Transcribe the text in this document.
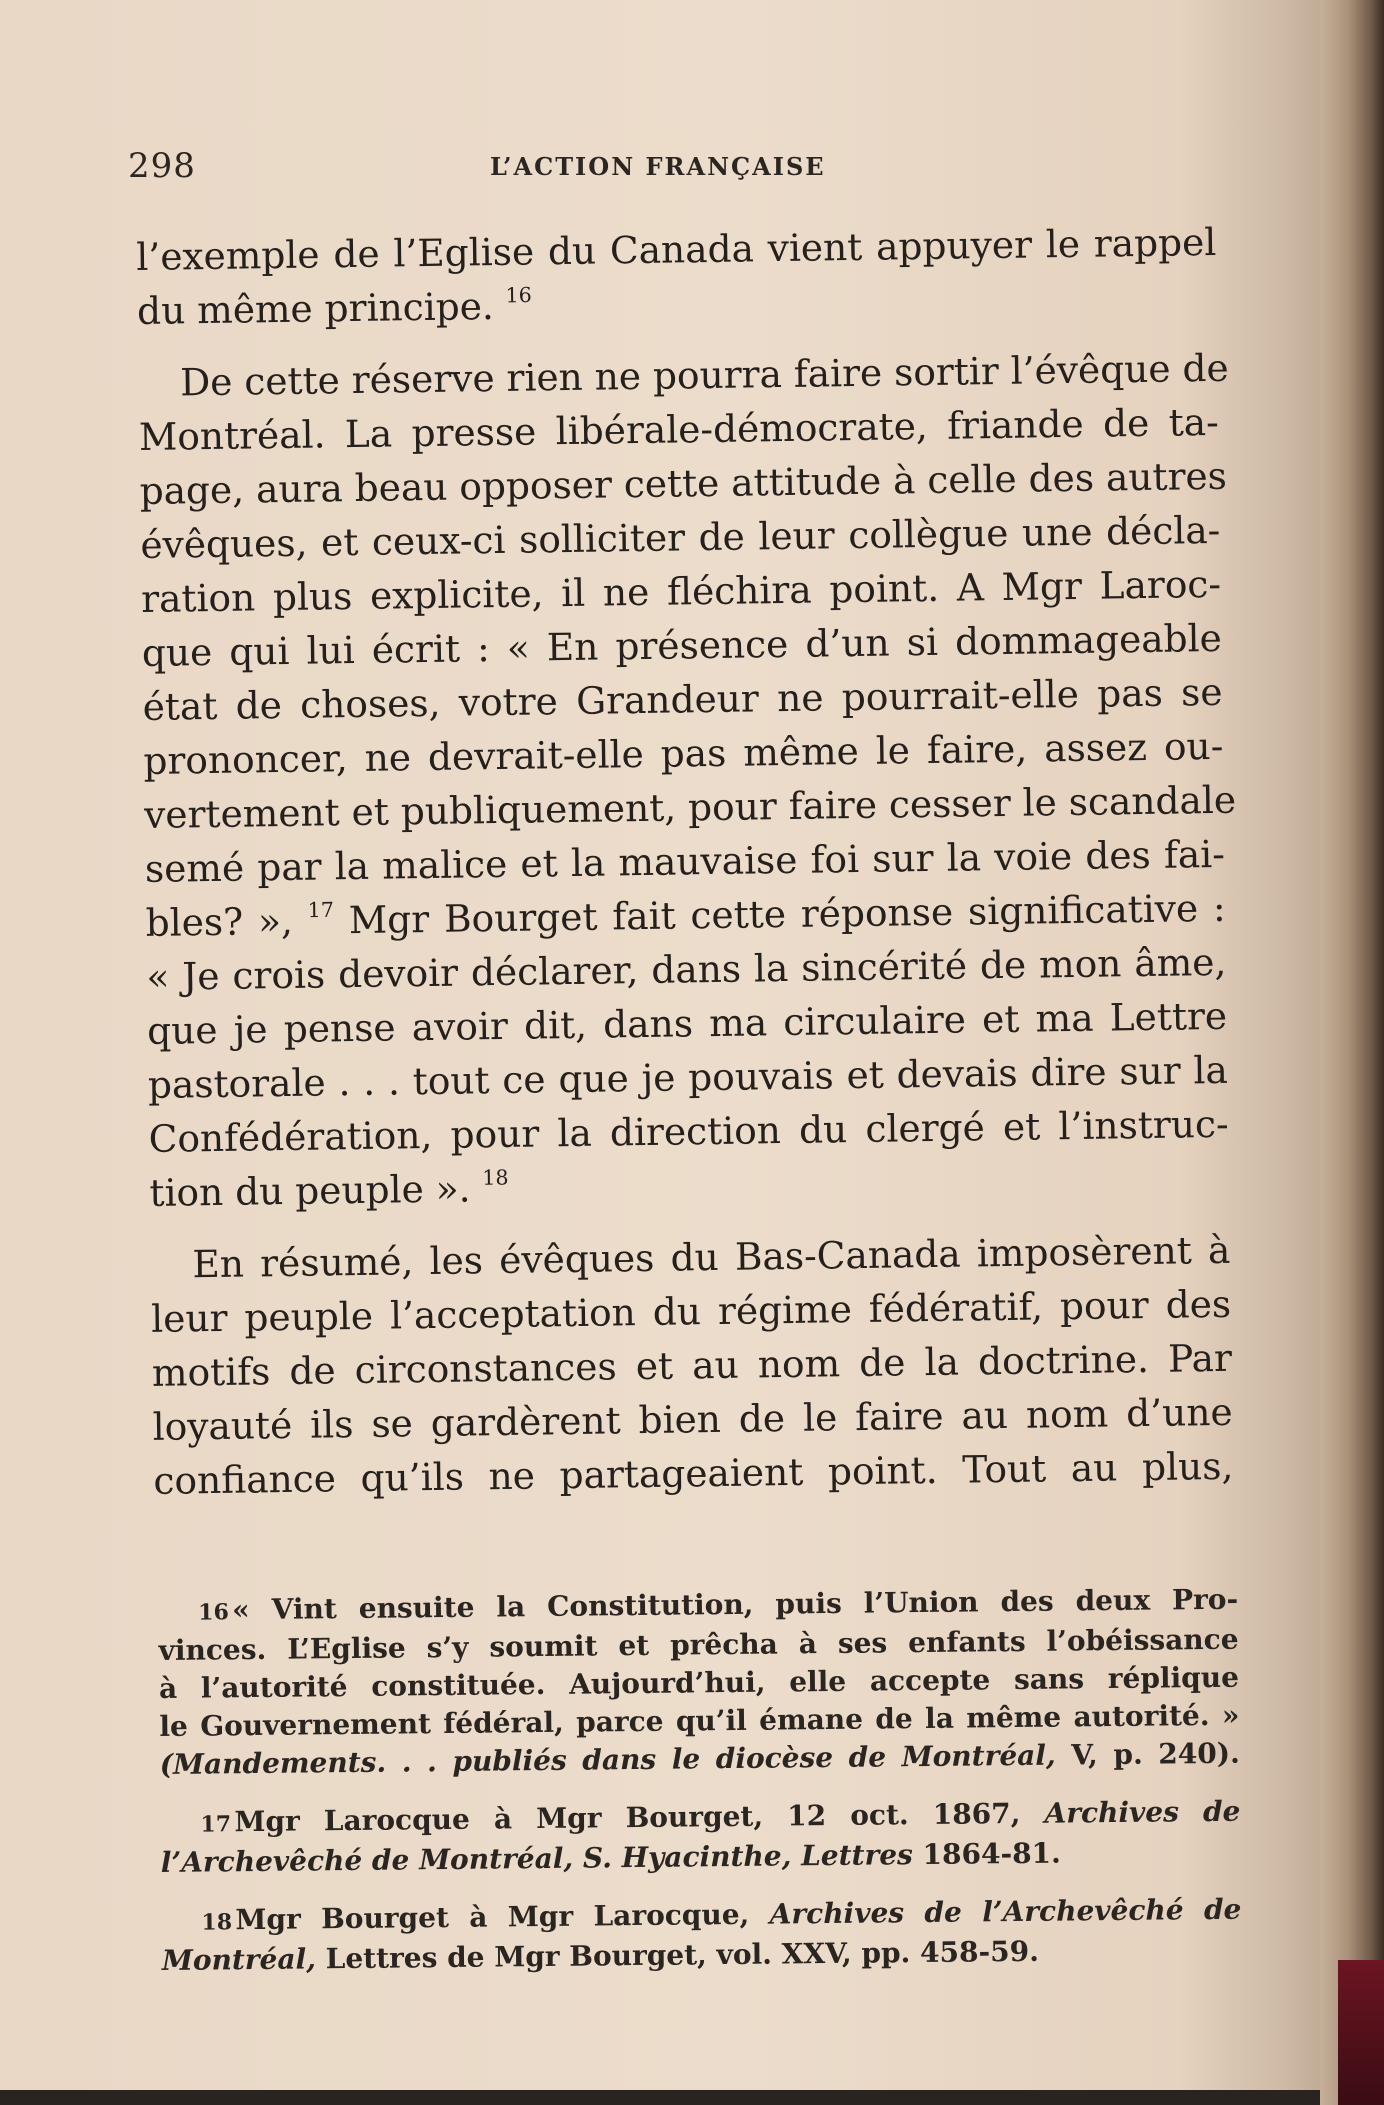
298	L’ACTION FRANÇAISE
l’exemple de l’Eglise du Canada vient appuyer le rappel
du même principe. $^{16}$
De cette réserve rien ne pourra faire sortir l’évêque de
Montréal. La presse libérale-démocrate, friande de ta-
page, aura beau opposer cette attitude à celle des autres
évêques, et ceux-ci solliciter de leur collègue une décla-
ration plus explicite, il ne fléchira point. A Mgr Laroc-
que qui lui écrit : « En présence d’un si dommageable
état de choses, votre Grandeur ne pourrait-elle pas se
prononcer, ne devrait-elle pas même le faire, assez ou-
vertement et publiquement, pour faire cesser le scandale
semé par la malice et la mauvaise foi sur la voie des fai-
bles? », $^{17}$ Mgr Bourget fait cette réponse significative :
« Je crois devoir déclarer, dans la sincérité de mon âme,
que je pense avoir dit, dans ma circulaire et ma Lettre
pastorale . . . tout ce que je pouvais et devais dire sur la
Confédération, pour la direction du clergé et l’instruc-
tion du peuple ». $^{18}$
En résumé, les évêques du Bas-Canada imposèrent à
leur peuple l’acceptation du régime fédératif, pour des
motifs de circonstances et au nom de la doctrine. Par
loyauté ils se gardèrent bien de le faire au nom d’une
confiance qu’ils ne partageaient point. Tout au plus,
16 « Vint ensuite la Constitution, puis l’Union des deux Pro-
vinces. L’Eglise s’y soumit et prêcha à ses enfants l’obéissance
à l’autorité constituée. Aujourd’hui, elle accepte sans réplique
le Gouvernement fédéral, parce qu’il émane de la même autorité. »
(Mandements. . . publiés dans le diocèse de Montréal, V, p. 240).
17 Mgr Larocque à Mgr Bourget, 12 oct. 1867, Archives de
l’Archevêché de Montréal, S. Hyacinthe, Lettres 1864-81.
18 Mgr Bourget à Mgr Larocque, Archives de l’Archevêché de
Montréal, Lettres de Mgr Bourget, vol. XXV, pp. 458-59.
